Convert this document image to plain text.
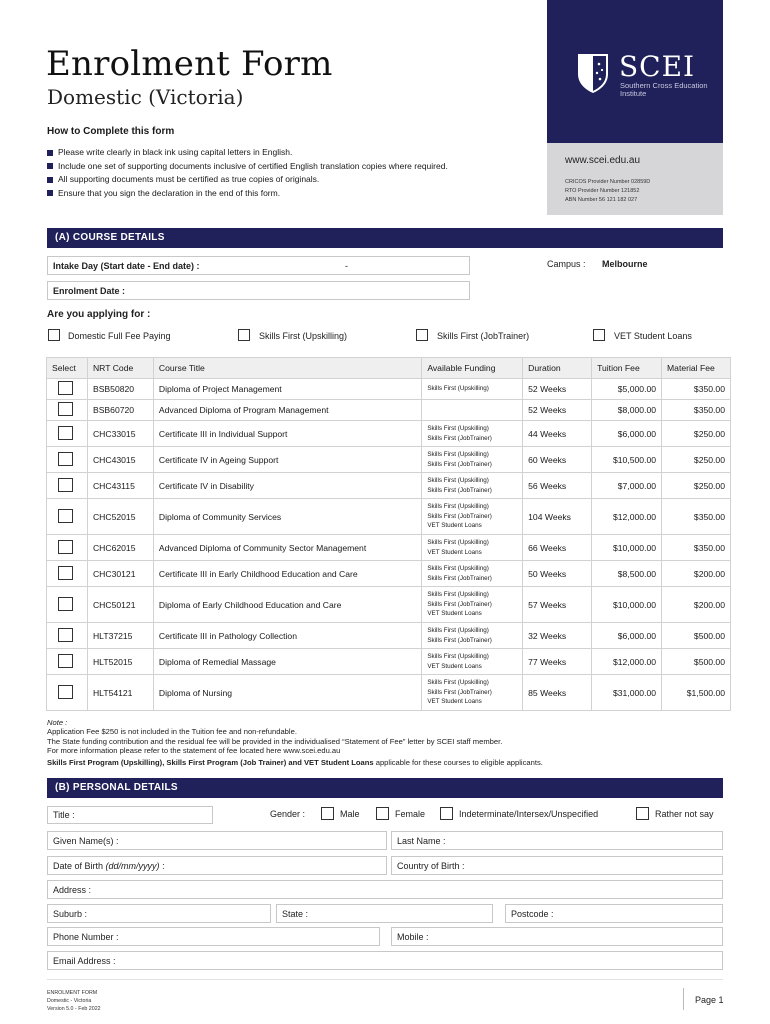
Enrolment Form
Domestic (Victoria)
SCEI
Southern Cross Education Institute
www.scei.edu.au
CRICOS Provider Number 02859D
RTO Provider Number 121852
ABN Number 56 121 182 027
How to Complete this form
Please write clearly in black ink using capital letters in English.
Include one set of supporting documents inclusive of certified English translation copies where required.
All supporting documents must be certified as true copies of originals.
Ensure that you sign the declaration in the end of this form.
(A) COURSE DETAILS
Intake Day (Start date - End date) :	-	Campus : Melbourne
Enrolment Date :
Are you applying for :
Domestic Full Fee Paying	Skills First (Upskilling)	Skills First (JobTrainer)	VET Student Loans
Select	NRT Code	Course Title	Available Funding	Duration	Tuition Fee	Material Fee
	BSB50820	Diploma of Project Management	Skills First (Upskilling)	52 Weeks	$5,000.00	$350.00
	BSB60720	Advanced Diploma of Program Management		52 Weeks	$8,000.00	$350.00
	CHC33015	Certificate III in Individual Support	Skills First (Upskilling)
Skills First (JobTrainer)	44 Weeks	$6,000.00	$250.00
	CHC43015	Certificate IV in Ageing Support	Skills First (Upskilling)
Skills First (JobTrainer)	60 Weeks	$10,500.00	$250.00
	CHC43115	Certificate IV in Disability	Skills First (Upskilling)
Skills First (JobTrainer)	56 Weeks	$7,000.00	$250.00
	CHC52015	Diploma of Community Services	Skills First (Upskilling)
Skills First (JobTrainer)
VET Student Loans	104 Weeks	$12,000.00	$350.00
	CHC62015	Advanced Diploma of Community Sector Management	Skills First (Upskilling)
VET Student Loans	66 Weeks	$10,000.00	$350.00
	CHC30121	Certificate III in Early Childhood Education and Care	Skills First (Upskilling)
Skills First (JobTrainer)	50 Weeks	$8,500.00	$200.00
	CHC50121	Diploma of Early Childhood Education and Care	Skills First (Upskilling)
Skills First (JobTrainer)
VET Student Loans	57 Weeks	$10,000.00	$200.00
	HLT37215	Certificate III in Pathology Collection	Skills First (Upskilling)
Skills First (JobTrainer)	32 Weeks	$6,000.00	$500.00
	HLT52015	Diploma of Remedial Massage	Skills First (Upskilling)
VET Student Loans	77 Weeks	$12,000.00	$500.00
	HLT54121	Diploma of Nursing	Skills First (Upskilling)
Skills First (JobTrainer)
VET Student Loans	85 Weeks	$31,000.00	$1,500.00
Note :
Application Fee $250 is not included in the Tuition fee and non-refundable.
The State funding contribution and the residual fee will be provided in the individualised “Statement of Fee” letter by SCEI staff member.
For more information please refer to the statement of fee located here www.scei.edu.au
Skills First Program (Upskilling), Skills First Program (Job Trainer) and VET Student Loans applicable for these courses to eligible applicants.
(B) PERSONAL DETAILS
Title :	Gender :	Male	Female	Indeterminate/Intersex/Unspecified	Rather not say
Given Name(s) :	Last Name :
Date of Birth
(dd/mm/yyyy)
:	Country of Birth :
Address :
Suburb :	State :	Postcode :
Phone Number :	Mobile :
Email Address :
ENROLMENT FORM
Domestic - Victoria
Version 5.0 - Feb 2022
Page 1
